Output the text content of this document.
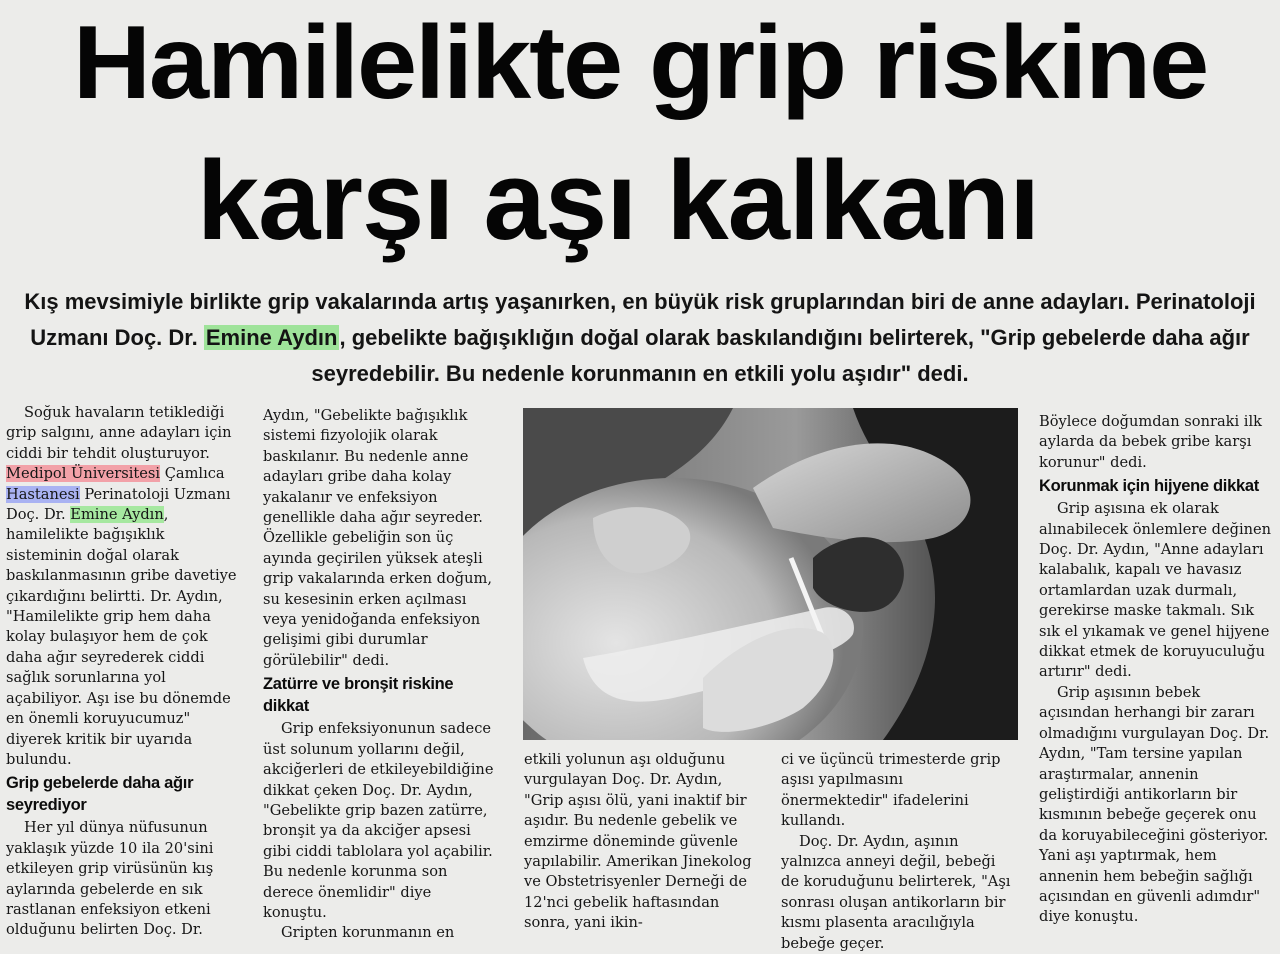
Hamilelikte grip riskine
karşı aşı kalkanı
Kış mevsimiyle birlikte grip vakalarında artış yaşanırken, en büyük risk gruplarından biri de anne adayları. Perinatoloji Uzmanı Doç. Dr. Emine Aydın, gebelikte bağışıklığın doğal olarak baskılandığını belirterek, "Grip gebelerde daha ağır seyredebilir. Bu nedenle korunmanın en etkili yolu aşıdır" dedi.

Soğuk havaların tetiklediği grip salgını, anne adayları için ciddi bir tehdit oluşturuyor. Medipol Üniversitesi Çamlıca Hastanesi Perinatoloji Uzmanı Doç. Dr. Emine Aydın, hamilelikte bağışıklık sisteminin doğal olarak baskılanmasının gribe davetiye çıkardığını belirtti. Dr. Aydın, "Hamilelikte grip hem daha kolay bulaşıyor hem de çok daha ağır seyrederek ciddi sağlık sorunlarına yol açabiliyor. Aşı ise bu dönemde en önemli koruyucumuz" diyerek kritik bir uyarıda bulundu.

Grip gebelerde daha ağır seyrediyor

Her yıl dünya nüfusunun yaklaşık yüzde 10 ila 20'sini etkileyen grip virüsünün kış aylarında gebelerde en sık rastlanan enfeksiyon etkeni olduğunu belirten Doç. Dr.

Aydın, "Gebelikte bağışıklık sistemi fizyolojik olarak baskılanır. Bu nedenle anne adayları gribe daha kolay yakalanır ve enfeksiyon genellikle daha ağır seyreder. Özellikle gebeliğin son üç ayında geçirilen yüksek ateşli grip vakalarında erken doğum, su kesesinin erken açılması veya yenidoğanda enfeksiyon gelişimi gibi durumlar görülebilir" dedi.

Zatürre ve bronşit riskine dikkat

Grip enfeksiyonunun sadece üst solunum yollarını değil, akciğerleri de etkileyebildiğine dikkat çeken Doç. Dr. Aydın, "Gebelikte grip bazen zatürre, bronşit ya da akciğer apsesi gibi ciddi tablolara yol açabilir. Bu nedenle korunma son derece önemlidir" diye konuştu.

Gripten korunmanın en

etkili yolunun aşı olduğunu vurgulayan Doç. Dr. Aydın, "Grip aşısı ölü, yani inaktif bir aşıdır. Bu nedenle gebelik ve emzirme döneminde güvenle yapılabilir. Amerikan Jinekolog ve Obstetrisyenler Derneği de 12'nci gebelik haftasından sonra, yani ikin-

ci ve üçüncü trimesterde grip aşısı yapılmasını önermektedir" ifadelerini kullandı.

Doç. Dr. Aydın, aşının yalnızca anneyi değil, bebeği de koruduğunu belirterek, "Aşı sonrası oluşan antikorların bir kısmı plasenta aracılığıyla bebeğe geçer.

Böylece doğumdan sonraki ilk aylarda da bebek gribe karşı korunur" dedi.

Korunmak için hijyene dikkat

Grip aşısına ek olarak alınabilecek önlemlere değinen Doç. Dr. Aydın, "Anne adayları kalabalık, kapalı ve havasız ortamlardan uzak durmalı, gerekirse maske takmalı. Sık sık el yıkamak ve genel hijyene dikkat etmek de koruyuculuğu artırır" dedi.

Grip aşısının bebek açısından herhangi bir zararı olmadığını vurgulayan Doç. Dr. Aydın, "Tam tersine yapılan araştırmalar, annenin geliştirdiği antikorların bir kısmının bebeğe geçerek onu da koruyabileceğini gösteriyor. Yani aşı yaptırmak, hem annenin hem bebeğin sağlığı açısından en güvenli adımdır" diye konuştu.
